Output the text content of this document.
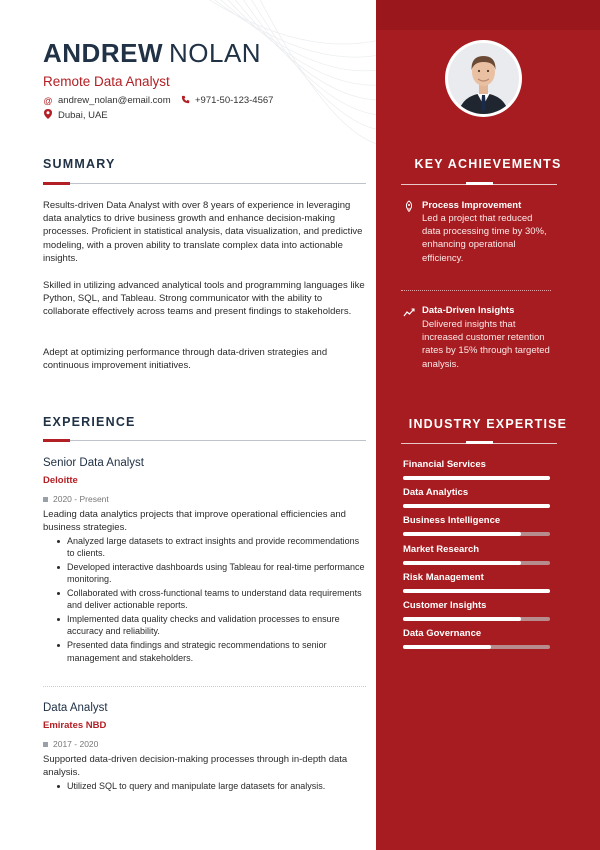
ANDREW NOLAN
Remote Data Analyst
@ andrew_nolan@email.com	+971-50-123-4567
Dubai, UAE
SUMMARY
Results-driven Data Analyst with over 8 years of experience in leveraging data analytics to drive business growth and enhance decision-making processes. Proficient in statistical analysis, data visualization, and predictive modeling, with a proven ability to translate complex data into actionable insights.
Skilled in utilizing advanced analytical tools and programming languages like Python, SQL, and Tableau. Strong communicator with the ability to collaborate effectively across teams and present findings to stakeholders.
Adept at optimizing performance through data-driven strategies and continuous improvement initiatives.
EXPERIENCE
Senior Data Analyst
Deloitte
2020 - Present
Leading data analytics projects that improve operational efficiencies and business strategies.
Analyzed large datasets to extract insights and provide recommendations to clients.
Developed interactive dashboards using Tableau for real-time performance monitoring.
Collaborated with cross-functional teams to understand data requirements and deliver actionable reports.
Implemented data quality checks and validation processes to ensure accuracy and reliability.
Presented data findings and strategic recommendations to senior management and stakeholders.
Data Analyst
Emirates NBD
2017 - 2020
Supported data-driven decision-making processes through in-depth data analysis.
Utilized SQL to query and manipulate large datasets for analysis.
KEY ACHIEVEMENTS
Process Improvement
Led a project that reduced data processing time by 30%, enhancing operational efficiency.
Data-Driven Insights
Delivered insights that increased customer retention rates by 15% through targeted analysis.
INDUSTRY EXPERTISE
Financial Services
Data Analytics
Business Intelligence
Market Research
Risk Management
Customer Insights
Data Governance
